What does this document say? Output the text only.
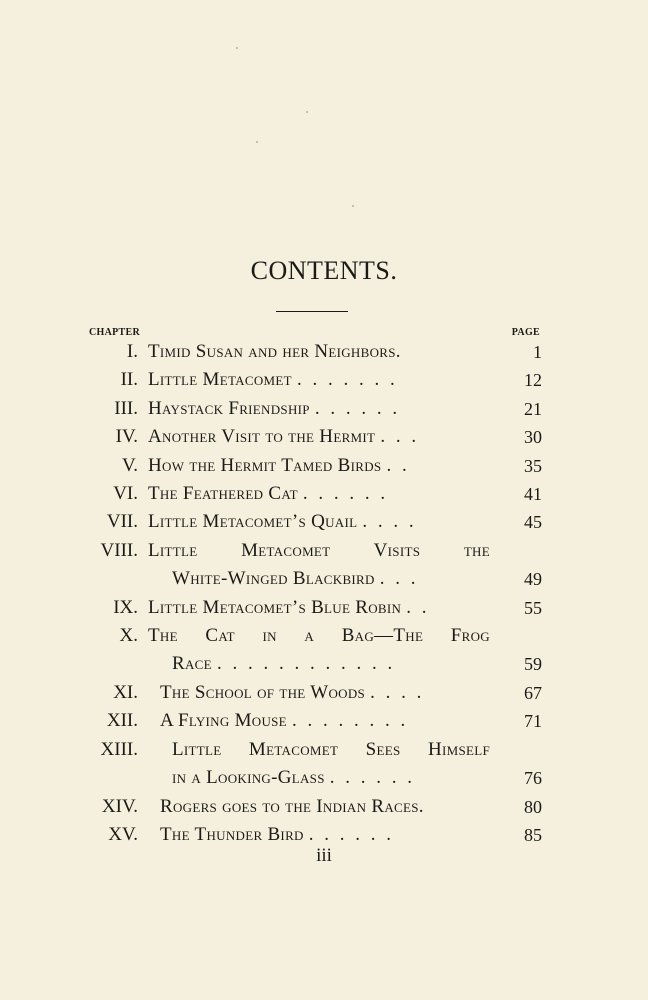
CONTENTS.
CHAPTER	PAGE
I. Timid Susan and her Neighbors.	1
II. Little Metacomet . . . . . . .	12
III. Haystack Friendship . . . . . .	21
IV. Another Visit to the Hermit . . .	30
V. How the Hermit Tamed Birds . .	35
VI. The Feathered Cat . . . . . .	41
VII. Little Metacomet’s Quail . . . .	45
VIII. Little Metacomet Visits the
White-Winged Blackbird . . .	49
IX. Little Metacomet’s Blue Robin . .	55
X. The Cat in a Bag—The Frog
Race . . . . . . . . . . . .	59
XI. The School of the Woods . . . .	67
XII. A Flying Mouse . . . . . . . .	71
XIII. Little Metacomet Sees Himself
in a Looking-Glass . . . . . .	76
XIV. Rogers goes to the Indian Races.	80
XV. The Thunder Bird . . . . . .	85
iii
